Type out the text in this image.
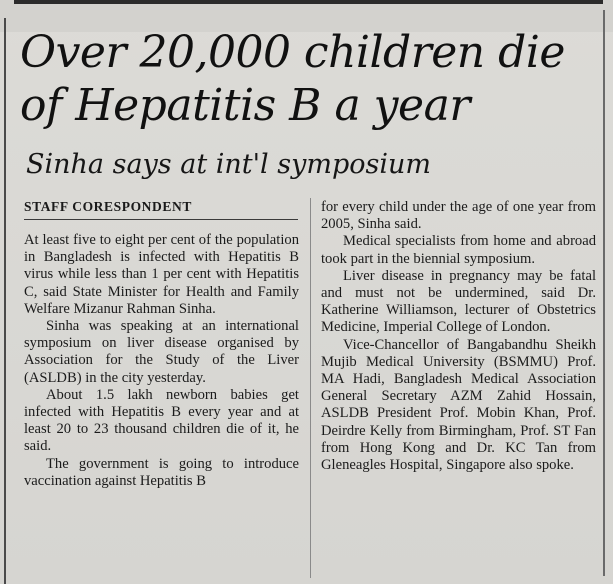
Over 20,000 children die of Hepatitis B a year
Sinha says at int'l symposium
STAFF CORESPONDENT

At least five to eight per cent of the population in Bangladesh is infected with Hepatitis B virus while less than 1 per cent with Hepatitis C, said State Minister for Health and Family Welfare Mizanur Rahman Sinha.

Sinha was speaking at an international symposium on liver disease organised by Association for the Study of the Liver (ASLDB) in the city yesterday.

About 1.5 lakh newborn babies get infected with Hepatitis B every year and at least 20 to 23 thousand children die of it, he said.

The government is going to introduce vaccination against Hepatitis B

for every child under the age of one year from 2005, Sinha said.

Medical specialists from home and abroad took part in the biennial symposium.

Liver disease in pregnancy may be fatal and must not be undermined, said Dr. Katherine Williamson, lecturer of Obstetrics Medicine, Imperial College of London.

Vice-Chancellor of Bangabandhu Sheikh Mujib Medical University (BSMMU) Prof. MA Hadi, Bangladesh Medical Association General Secretary AZM Zahid Hossain, ASLDB President Prof. Mobin Khan, Prof. Deirdre Kelly from Birmingham, Prof. ST Fan from Hong Kong and Dr. KC Tan from Gleneagles Hospital, Singapore also spoke.
